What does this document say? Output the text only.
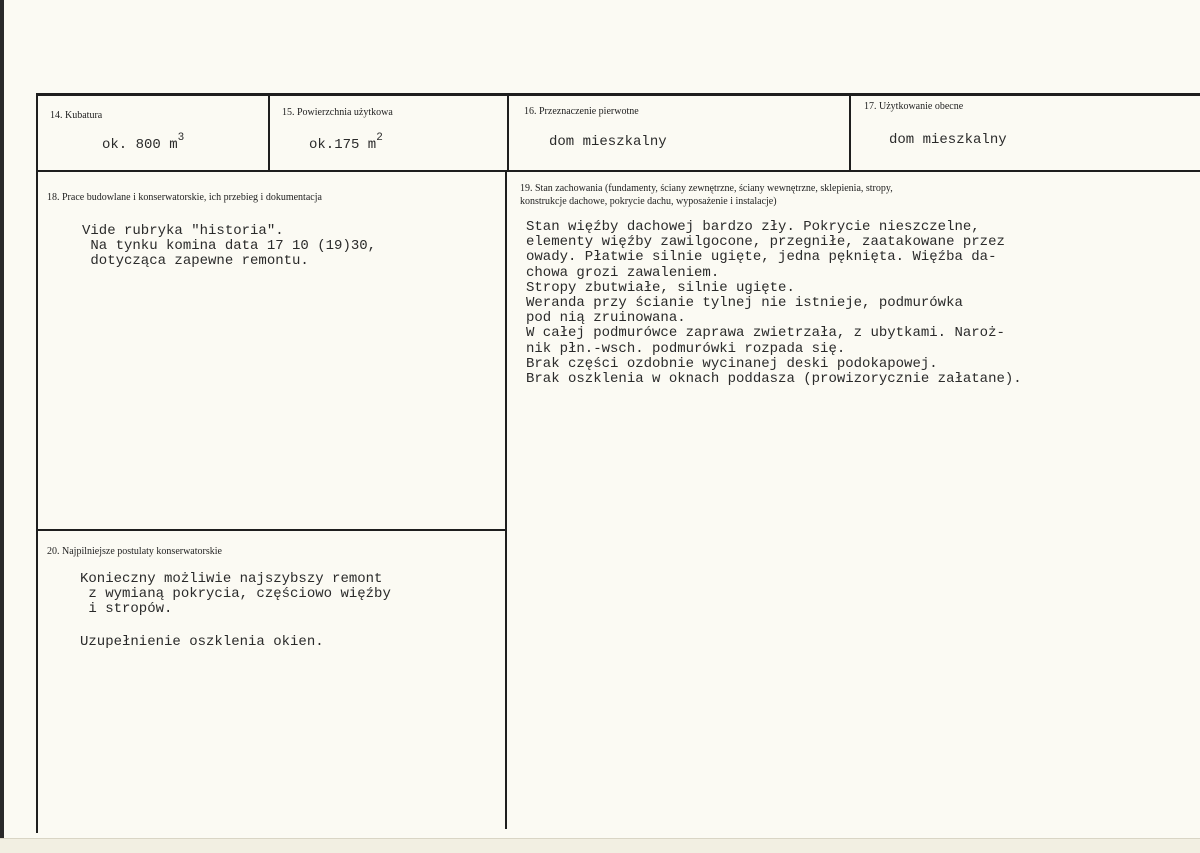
14. Kubatura
ok. 800 $m^3$
15. Powierzchnia użytkowa
ok.175 $m^2$
16. Przeznaczenie pierwotne
dom mieszkalny
17. Użytkowanie obecne
dom mieszkalny
18. Prace budowlane i konserwatorskie, ich przebieg i dokumentacja
Vide rubryka "historia".
Na tynku komina data 17 10 (19)30,
dotycząca zapewne remontu.
19. Stan zachowania (fundamenty, ściany zewnętrzne, ściany wewnętrzne, sklepienia, stropy,
konstrukcje dachowe, pokrycie dachu, wyposażenie i instalacje)
Stan więźby dachowej bardzo zły. Pokrycie nieszczelne,
elementy więźby zawilgocone, przegniłe, zaatakowane przez
owady. Płatwie silnie ugięte, jedna pęknięta. Więźba da-
chowa grozi zawaleniem.
Stropy zbutwiałe, silnie ugięte.
Weranda przy ścianie tylnej nie istnieje, podmurówka
pod nią zruinowana.
W całej podmurówce zaprawa zwietrzała, z ubytkami. Naroż-
nik płn.-wsch. podmurówki rozpada się.
Brak części ozdobnie wycinanej deski podokapowej.
Brak oszklenia w oknach poddasza (prowizorycznie załatane).
20. Najpilniejsze postulaty konserwatorskie
Konieczny możliwie najszybszy remont
z wymianą pokrycia, częściowo więźby
i stropów.
Uzupełnienie oszklenia okien.
